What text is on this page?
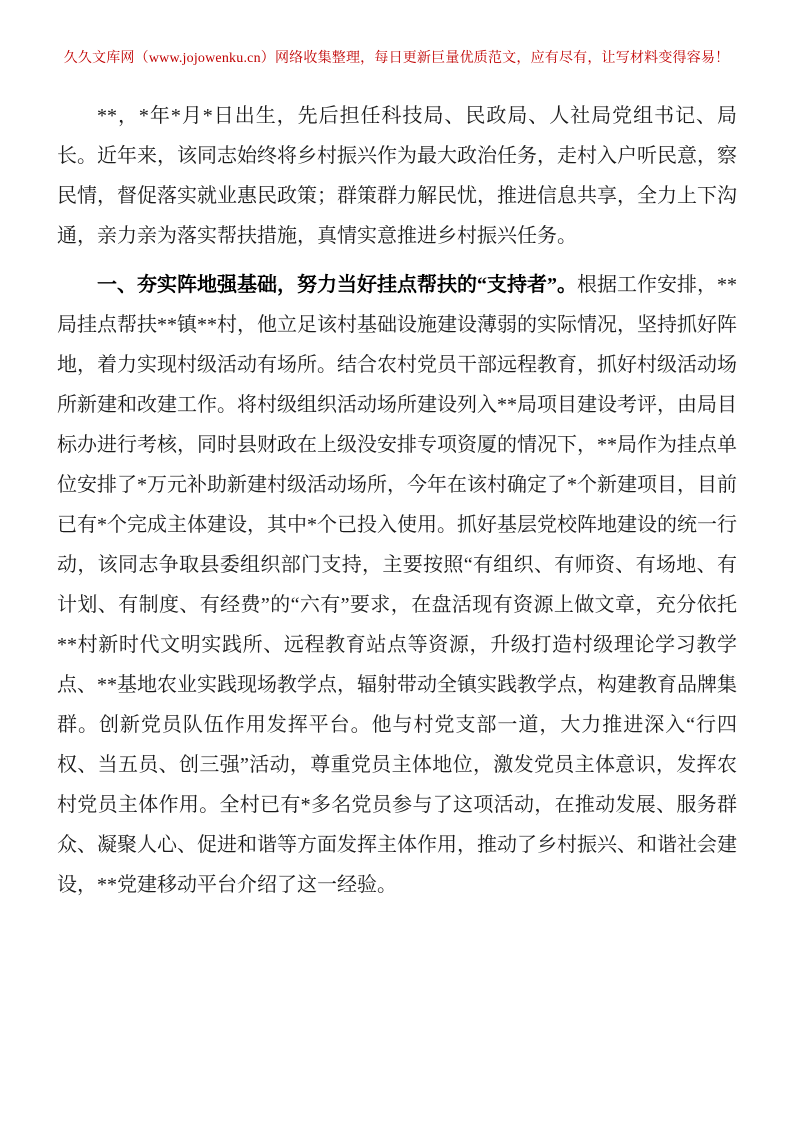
久久文库网（www.jojowenku.cn）网络收集整理，每日更新巨量优质范文，应有尽有，让写材料变得容易！

**，*年*月*日出生，先后担任科技局、民政局、人社局党组书记、局长。近年来，该同志始终将乡村振兴作为最大政治任务，走村入户听民意，察民情，督促落实就业惠民政策；群策群力解民忧，推进信息共享，全力上下沟通，亲力亲为落实帮扶措施，真情实意推进乡村振兴任务。

一、夯实阵地强基础，努力当好挂点帮扶的“支持者”。根据工作安排，**局挂点帮扶**镇**村，他立足该村基础设施建设薄弱的实际情况，坚持抓好阵地，着力实现村级活动有场所。结合农村党员干部远程教育，抓好村级活动场所新建和改建工作。将村级组织活动场所建设列入**局项目建设考评，由局目标办进行考核，同时县财政在上级没安排专项资厦的情况下，**局作为挂点单位安排了*万元补助新建村级活动场所，今年在该村确定了*个新建项目，目前已有*个完成主体建设，其中*个已投入使用。抓好基层党校阵地建设的统一行动，该同志争取县委组织部门支持，主要按照“有组织、有师资、有场地、有计划、有制度、有经费”的“六有”要求，在盘活现有资源上做文章，充分依托**村新时代文明实践所、远程教育站点等资源，升级打造村级理论学习教学点、**基地农业实践现场教学点，辐射带动全镇实践教学点，构建教育品牌集群。创新党员队伍作用发挥平台。他与村党支部一道，大力推进深入“行四权、当五员、创三强”活动，尊重党员主体地位，激发党员主体意识，发挥农村党员主体作用。全村已有*多名党员参与了这项活动，在推动发展、服务群众、凝聚人心、促进和谐等方面发挥主体作用，推动了乡村振兴、和谐社会建设，**党建移动平台介绍了这一经验。
